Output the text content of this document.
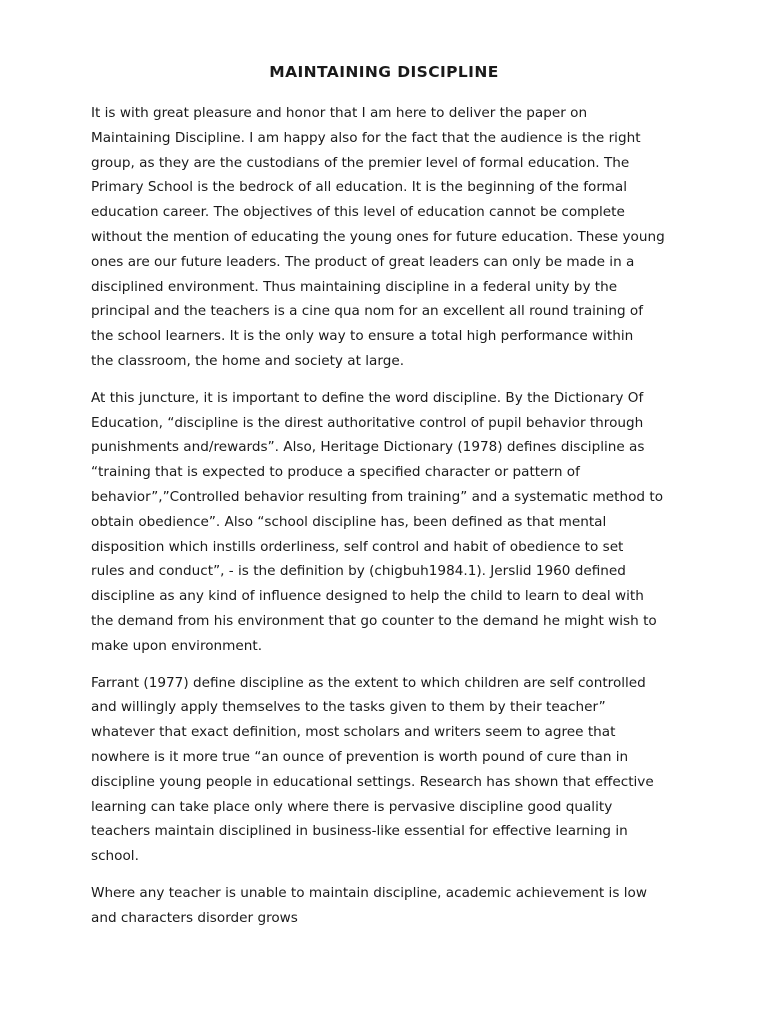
MAINTAINING DISCIPLINE

It is with great pleasure and honor that I am here to deliver the paper on
Maintaining Discipline. I am happy also for the fact that the audience is the right
group, as they are the custodians of the premier level of formal education. The
Primary School is the bedrock of all education. It is the beginning of the formal
education career. The objectives of this level of education cannot be complete
without the mention of educating the young ones for future education. These young
ones are our future leaders. The product of great leaders can only be made in a
disciplined environment. Thus maintaining discipline in a federal unity by the
principal and the teachers is a cine qua nom for an excellent all round training of
the school learners. It is the only way to ensure a total high performance within
the classroom, the home and society at large.

At this juncture, it is important to define the word discipline. By the Dictionary Of
Education, “discipline is the direst authoritative control of pupil behavior through
punishments and/rewards”. Also, Heritage Dictionary (1978) defines discipline as
“training that is expected to produce a specified character or pattern of
behavior”,”Controlled behavior resulting from training” and a systematic method to
obtain obedience”. Also “school discipline has, been defined as that mental
disposition which instills orderliness, self control and habit of obedience to set
rules and conduct”, - is the definition by (chigbuh1984.1). Jerslid 1960 defined
discipline as any kind of influence designed to help the child to learn to deal with
the demand from his environment that go counter to the demand he might wish to
make upon environment.

Farrant (1977) define discipline as the extent to which children are self controlled
and willingly apply themselves to the tasks given to them by their teacher”
whatever that exact definition, most scholars and writers seem to agree that
nowhere is it more true “an ounce of prevention is worth pound of cure than in
discipline young people in educational settings. Research has shown that effective
learning can take place only where there is pervasive discipline good quality
teachers maintain disciplined in business-like essential for effective learning in
school.

Where any teacher is unable to maintain discipline, academic achievement is low
and characters disorder grows
